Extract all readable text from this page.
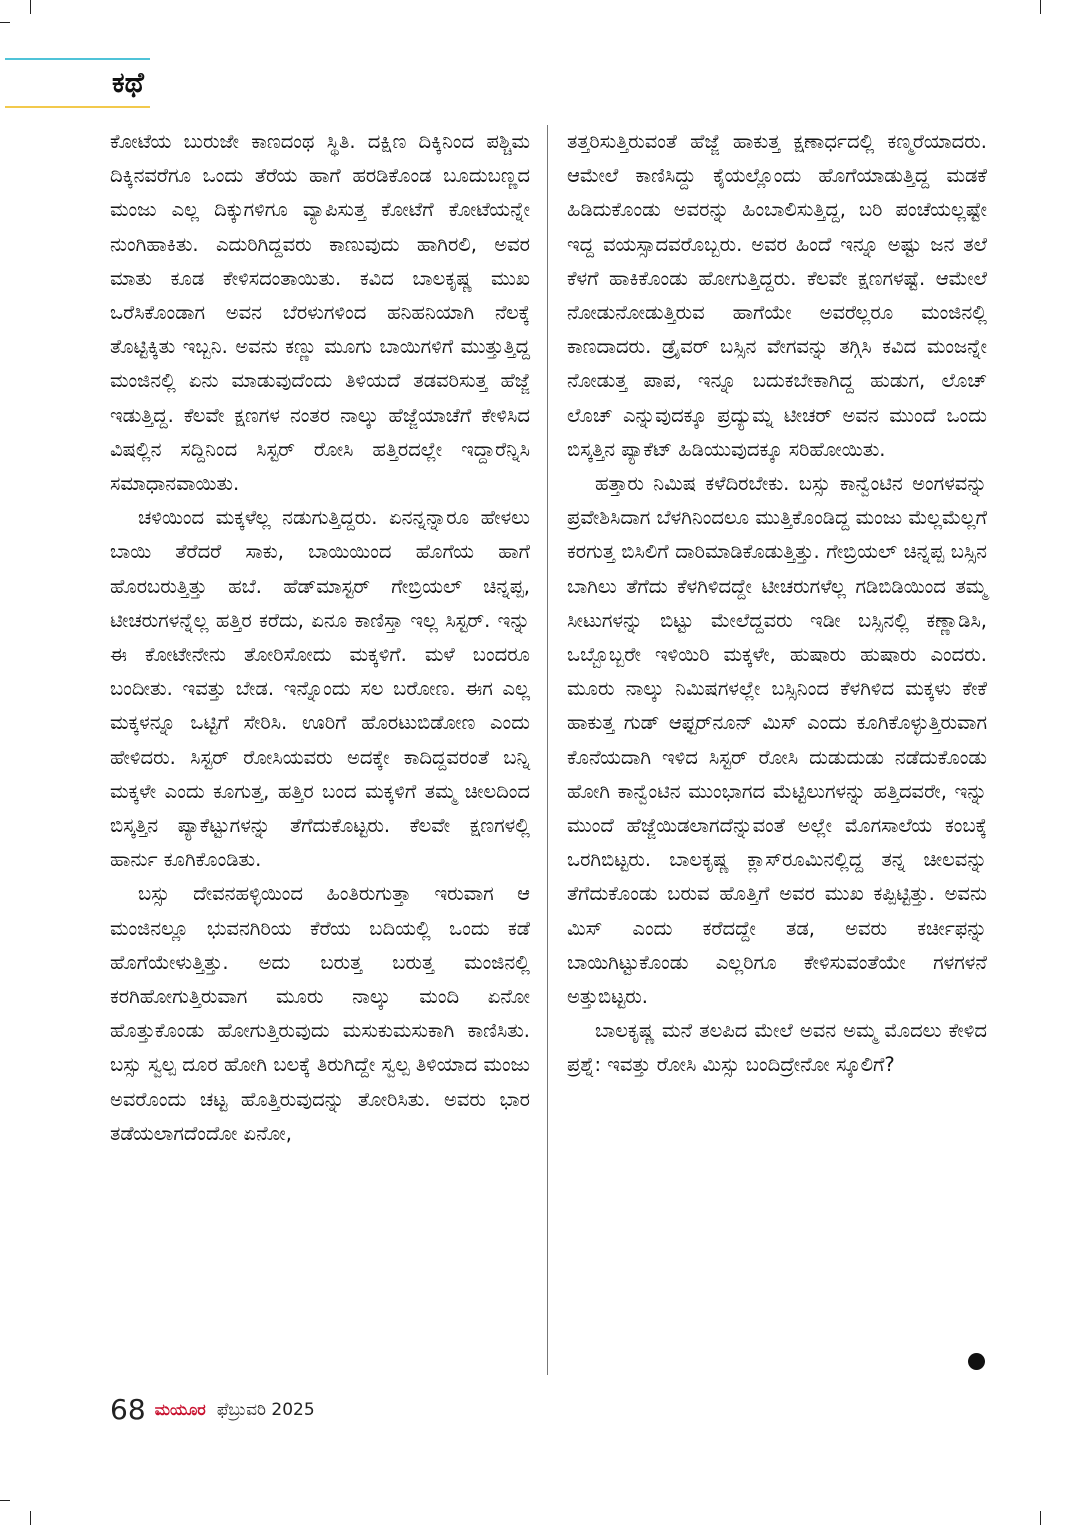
ಕಥೆ

ಕೋಟೆಯ ಬುರುಜೇ ಕಾಣದಂಥ ಸ್ಥಿತಿ. ದಕ್ಷಿಣ ದಿಕ್ಕಿನಿಂದ ಪಶ್ಚಿಮ ದಿಕ್ಕಿನವರೆಗೂ ಒಂದು ತೆರೆಯ ಹಾಗೆ ಹರಡಿಕೊಂಡ ಬೂದುಬಣ್ಣದ ಮಂಜು ಎಲ್ಲ ದಿಕ್ಕುಗಳಿಗೂ ವ್ಯಾಪಿಸುತ್ತ ಕೋಟೆಗೆ ಕೋಟೆಯನ್ನೇ ನುಂಗಿಹಾಕಿತು. ಎದುರಿಗಿದ್ದವರು ಕಾಣುವುದು ಹಾಗಿರಲಿ, ಅವರ ಮಾತು ಕೂಡ ಕೇಳಿಸದಂತಾಯಿತು. ಕವಿದ ಬಾಲಕೃಷ್ಣ ಮುಖ ಒರೆಸಿಕೊಂಡಾಗ ಅವನ ಬೆರಳುಗಳಿಂದ ಹನಿಹನಿಯಾಗಿ ನೆಲಕ್ಕೆ ತೊಟ್ಟಿಕ್ಕಿತು ಇಬ್ಬನಿ. ಅವನು ಕಣ್ಣು ಮೂಗು ಬಾಯಿಗಳಿಗೆ ಮುತ್ತುತ್ತಿದ್ದ ಮಂಜಿನಲ್ಲಿ ಏನು ಮಾಡುವುದೆಂದು ತಿಳಿಯದೆ ತಡವರಿಸುತ್ತ ಹೆಜ್ಜೆ ಇಡುತ್ತಿದ್ದ. ಕೆಲವೇ ಕ್ಷಣಗಳ ನಂತರ ನಾಲ್ಕು ಹೆಜ್ಜೆಯಾಚೆಗೆ ಕೇಳಿಸಿದ ವಿಷಲ್ಲಿನ ಸದ್ದಿನಿಂದ ಸಿಸ್ಟರ್ ರೋಸಿ ಹತ್ತಿರದಲ್ಲೇ ಇದ್ದಾರೆನ್ನಿಸಿ ಸಮಾಧಾನವಾಯಿತು.

ಚಳಿಯಿಂದ ಮಕ್ಕಳೆಲ್ಲ ನಡುಗುತ್ತಿದ್ದರು. ಏನನ್ನನ್ನಾರೂ ಹೇಳಲು ಬಾಯಿ ತೆರೆದರೆ ಸಾಕು, ಬಾಯಿಯಿಂದ ಹೊಗೆಯ ಹಾಗೆ ಹೊರಬರುತ್ತಿತ್ತು ಹಬೆ. ಹೆಡ್‌ಮಾಸ್ಟರ್ ಗೇಬ್ರಿಯಲ್ ಚಿನ್ನಪ್ಪ, ಟೀಚರುಗಳನ್ನೆಲ್ಲ ಹತ್ತಿರ ಕರೆದು, ಏನೂ ಕಾಣಿಸ್ತಾ ಇಲ್ಲ ಸಿಸ್ಟರ್. ಇನ್ನು ಈ ಕೋಟೇನೇನು ತೋರಿಸೋದು ಮಕ್ಕಳಿಗೆ. ಮಳೆ ಬಂದರೂ ಬಂದೀತು. ಇವತ್ತು ಬೇಡ. ಇನ್ನೊಂದು ಸಲ ಬರೋಣ. ಈಗ ಎಲ್ಲ ಮಕ್ಕಳನ್ನೂ ಒಟ್ಟಿಗೆ ಸೇರಿಸಿ. ಊರಿಗೆ ಹೊರಟುಬಿಡೋಣ ಎಂದು ಹೇಳಿದರು. ಸಿಸ್ಟರ್ ರೋಸಿಯವರು ಅದಕ್ಕೇ ಕಾದಿದ್ದವರಂತೆ ಬನ್ನಿ ಮಕ್ಕಳೇ ಎಂದು ಕೂಗುತ್ತ, ಹತ್ತಿರ ಬಂದ ಮಕ್ಕಳಿಗೆ ತಮ್ಮ ಚೀಲದಿಂದ ಬಿಸ್ಕತ್ತಿನ ಪ್ಯಾಕೆಟ್ಟುಗಳನ್ನು ತೆಗೆದುಕೊಟ್ಟರು. ಕೆಲವೇ ಕ್ಷಣಗಳಲ್ಲಿ ಹಾರ್ನು ಕೂಗಿಕೊಂಡಿತು.

ಬಸ್ಸು ದೇವನಹಳ್ಳಿಯಿಂದ ಹಿಂತಿರುಗುತ್ತಾ ಇರುವಾಗ ಆ ಮಂಜಿನಲ್ಲೂ ಭುವನಗಿರಿಯ ಕೆರೆಯ ಬದಿಯಲ್ಲಿ ಒಂದು ಕಡೆ ಹೊಗೆಯೇಳುತ್ತಿತ್ತು. ಅದು ಬರುತ್ತ ಬರುತ್ತ ಮಂಜಿನಲ್ಲಿ ಕರಗಿಹೋಗುತ್ತಿರುವಾಗ ಮೂರು ನಾಲ್ಕು ಮಂದಿ ಏನೋ ಹೊತ್ತುಕೊಂಡು ಹೋಗುತ್ತಿರುವುದು ಮಸುಕುಮಸುಕಾಗಿ ಕಾಣಿಸಿತು. ಬಸ್ಸು ಸ್ವಲ್ಪ ದೂರ ಹೋಗಿ ಬಲಕ್ಕೆ ತಿರುಗಿದ್ದೇ ಸ್ವಲ್ಪ ತಿಳಿಯಾದ ಮಂಜು ಅವರೊಂದು ಚಟ್ಟ ಹೊತ್ತಿರುವುದನ್ನು ತೋರಿಸಿತು. ಅವರು ಭಾರ ತಡೆಯಲಾಗದೆಂದೋ ಏನೋ,

ತತ್ತರಿಸುತ್ತಿರುವಂತೆ ಹೆಜ್ಜೆ ಹಾಕುತ್ತ ಕ್ಷಣಾರ್ಧದಲ್ಲಿ ಕಣ್ಮರೆಯಾದರು. ಆಮೇಲೆ ಕಾಣಿಸಿದ್ದು ಕೈಯಲ್ಲೊಂದು ಹೊಗೆಯಾಡುತ್ತಿದ್ದ ಮಡಕೆ ಹಿಡಿದುಕೊಂಡು ಅವರನ್ನು ಹಿಂಬಾಲಿಸುತ್ತಿದ್ದ, ಬರಿ ಪಂಚೆಯಲ್ಲಷ್ಟೇ ಇದ್ದ ವಯಸ್ಸಾದವರೊಬ್ಬರು. ಅವರ ಹಿಂದೆ ಇನ್ನೂ ಅಷ್ಟು ಜನ ತಲೆ ಕೆಳಗೆ ಹಾಕಿಕೊಂಡು ಹೋಗುತ್ತಿದ್ದರು. ಕೆಲವೇ ಕ್ಷಣಗಳಷ್ಟೆ. ಆಮೇಲೆ ನೋಡುನೋಡುತ್ತಿರುವ ಹಾಗೆಯೇ ಅವರೆಲ್ಲರೂ ಮಂಜಿನಲ್ಲಿ ಕಾಣದಾದರು. ಡ್ರೈವರ್ ಬಸ್ಸಿನ ವೇಗವನ್ನು ತಗ್ಗಿಸಿ ಕವಿದ ಮಂಜನ್ನೇ ನೋಡುತ್ತ ಪಾಪ, ಇನ್ನೂ ಬದುಕಬೇಕಾಗಿದ್ದ ಹುಡುಗ, ಲೊಚ್ ಲೊಚ್ ಎನ್ನುವುದಕ್ಕೂ ಪ್ರದ್ಯುಮ್ನ ಟೀಚರ್ ಅವನ ಮುಂದೆ ಒಂದು ಬಿಸ್ಕತ್ತಿನ ಪ್ಯಾಕೆಟ್ ಹಿಡಿಯುವುದಕ್ಕೂ ಸರಿಹೋಯಿತು.

ಹತ್ತಾರು ನಿಮಿಷ ಕಳೆದಿರಬೇಕು. ಬಸ್ಸು ಕಾನ್ವೆಂಟಿನ ಅಂಗಳವನ್ನು ಪ್ರವೇಶಿಸಿದಾಗ ಬೆಳಗಿನಿಂದಲೂ ಮುತ್ತಿಕೊಂಡಿದ್ದ ಮಂಜು ಮೆಲ್ಲಮೆಲ್ಲಗೆ ಕರಗುತ್ತ ಬಿಸಿಲಿಗೆ ದಾರಿಮಾಡಿಕೊಡುತ್ತಿತ್ತು. ಗೇಬ್ರಿಯಲ್ ಚಿನ್ನಪ್ಪ ಬಸ್ಸಿನ ಬಾಗಿಲು ತೆಗೆದು ಕೆಳಗಿಳಿದದ್ದೇ ಟೀಚರುಗಳೆಲ್ಲ ಗಡಿಬಿಡಿಯಿಂದ ತಮ್ಮ ಸೀಟುಗಳನ್ನು ಬಿಟ್ಟು ಮೇಲೆದ್ದವರು ಇಡೀ ಬಸ್ಸಿನಲ್ಲಿ ಕಣ್ಣಾಡಿಸಿ, ಒಬ್ಬೊಬ್ಬರೇ ಇಳಿಯಿರಿ ಮಕ್ಕಳೇ, ಹುಷಾರು ಹುಷಾರು ಎಂದರು. ಮೂರು ನಾಲ್ಕು ನಿಮಿಷಗಳಲ್ಲೇ ಬಸ್ಸಿನಿಂದ ಕೆಳಗಿಳಿದ ಮಕ್ಕಳು ಕೇಕೆ ಹಾಕುತ್ತ ಗುಡ್ ಆಫ್ಟರ್‌ನೂನ್ ಮಿಸ್ ಎಂದು ಕೂಗಿಕೊಳ್ಳುತ್ತಿರುವಾಗ ಕೊನೆಯದಾಗಿ ಇಳಿದ ಸಿಸ್ಟರ್ ರೋಸಿ ದುಡುದುಡು ನಡೆದುಕೊಂಡು ಹೋಗಿ ಕಾನ್ವೆಂಟಿನ ಮುಂಭಾಗದ ಮೆಟ್ಟಿಲುಗಳನ್ನು ಹತ್ತಿದವರೇ, ಇನ್ನು ಮುಂದೆ ಹೆಜ್ಜೆಯಿಡಲಾಗದೆನ್ನುವಂತೆ ಅಲ್ಲೇ ಮೊಗಸಾಲೆಯ ಕಂಬಕ್ಕೆ ಒರಗಿಬಿಟ್ಟರು. ಬಾಲಕೃಷ್ಣ ಕ್ಲಾಸ್‌ರೂಮಿನಲ್ಲಿದ್ದ ತನ್ನ ಚೀಲವನ್ನು ತೆಗೆದುಕೊಂಡು ಬರುವ ಹೊತ್ತಿಗೆ ಅವರ ಮುಖ ಕಪ್ಪಿಟ್ಟಿತ್ತು. ಅವನು ಮಿಸ್ ಎಂದು ಕರೆದದ್ದೇ ತಡ, ಅವರು ಕರ್ಚೀಫನ್ನು ಬಾಯಿಗಿಟ್ಟುಕೊಂಡು ಎಲ್ಲರಿಗೂ ಕೇಳಿಸುವಂತೆಯೇ ಗಳಗಳನೆ ಅತ್ತುಬಿಟ್ಟರು.

ಬಾಲಕೃಷ್ಣ ಮನೆ ತಲಪಿದ ಮೇಲೆ ಅವನ ಅಮ್ಮ ಮೊದಲು ಕೇಳಿದ ಪ್ರಶ್ನೆ: ಇವತ್ತು ರೋಸಿ ಮಿಸ್ಸು ಬಂದಿದ್ರೇನೋ ಸ್ಕೂಲಿಗೆ?

68 ಮಯೂರ ಫೆಬ್ರುವರಿ 2025
